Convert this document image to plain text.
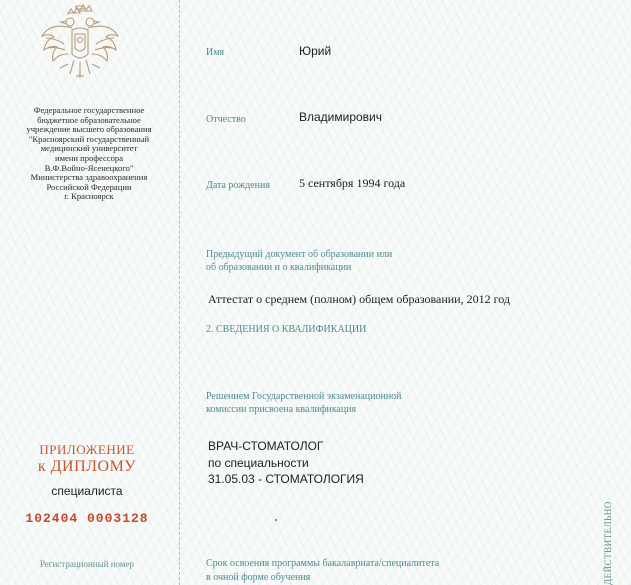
Федеральное государственное
бюджетное образовательное
учреждение высшего образования
"Красноярский государственный
медицинский университет
имени профессора
В.Ф.Войно-Ясенецкого"
Министерства здравоохранения
Российской Федерации
г. Красноярск
ПРИЛОЖЕНИЕ
к ДИПЛОМУ
специалиста
102404 0003128
Регистрационный номер
Имя	Юрий
Отчество	Владимирович
Дата рождения 5 сентября 1994 года
Предыдущий документ об образовании или
об образовании и о квалификации
Аттестат о среднем (полном) общем образовании, 2012 год
2. СВЕДЕНИЯ О КВАЛИФИКАЦИИ
Решением Государственной экзаменационной
комиссии присвоена квалификация
ВРАЧ-СТОМАТОЛОГ
по специальности
31.05.03 - СТОМАТОЛОГИЯ
Срок освоения программы бакалавриата/специалитета
в очной форме обучения	ДЕЙСТВИТЕЛЬНО
